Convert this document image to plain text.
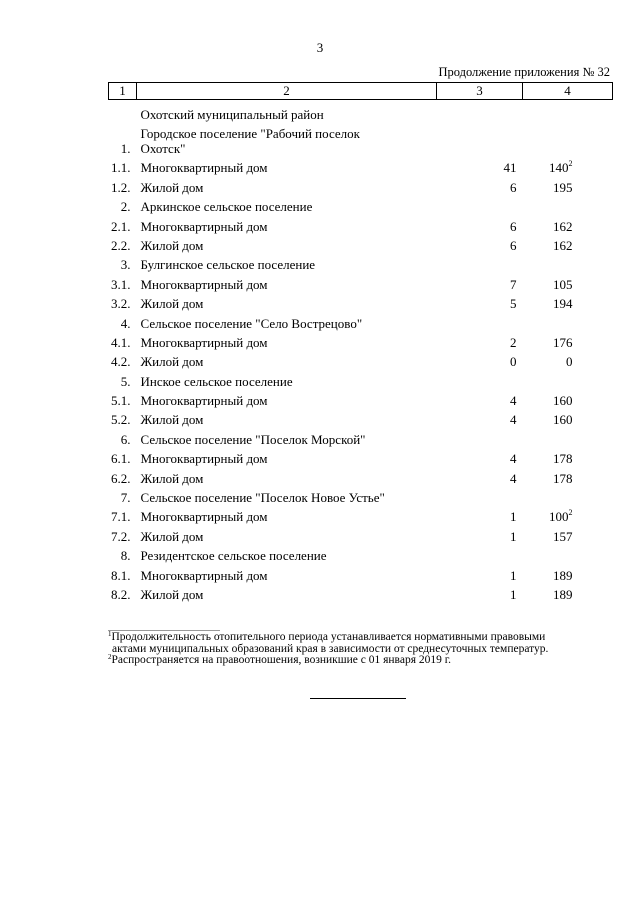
3
Продолжение приложения № 32
1	2	3	4
	Охотский муниципальный район		
1.	Городское поселение "Рабочий поселок
Охотск"		

1.1.	Многоквартирный дом	41	$140^2$
1.2.	Жилой дом	6	195
2.	Аркинское сельское поселение		
2.1.	Многоквартирный дом	6	162
2.2.	Жилой дом	6	162
3.	Булгинское сельское поселение		
3.1.	Многоквартирный дом	7	105
3.2.	Жилой дом	5	194
4.	Сельское поселение "Село Вострецово"		
4.1.	Многоквартирный дом	2	176
4.2.	Жилой дом	0	0
5.	Инское сельское поселение		
5.1.	Многоквартирный дом	4	160
5.2.	Жилой дом	4	160
6.	Сельское поселение "Поселок Морской"		
6.1.	Многоквартирный дом	4	178
6.2.	Жилой дом	4	178
7.	Сельское поселение "Поселок Новое Устье"		
7.1.	Многоквартирный дом	1	$100^2$
7.2.	Жилой дом	1	157
8.	Резидентское сельское поселение		
8.1.	Многоквартирный дом	1	189
8.2.	Жилой дом	1	189

$^1$Продолжительность отопительного периода устанавливается нормативными правовыми
актами муниципальных образований края в зависимости от среднесуточных температур.

$^2$Распространяется на правоотношения, возникшие с 01 января 2019 г.
